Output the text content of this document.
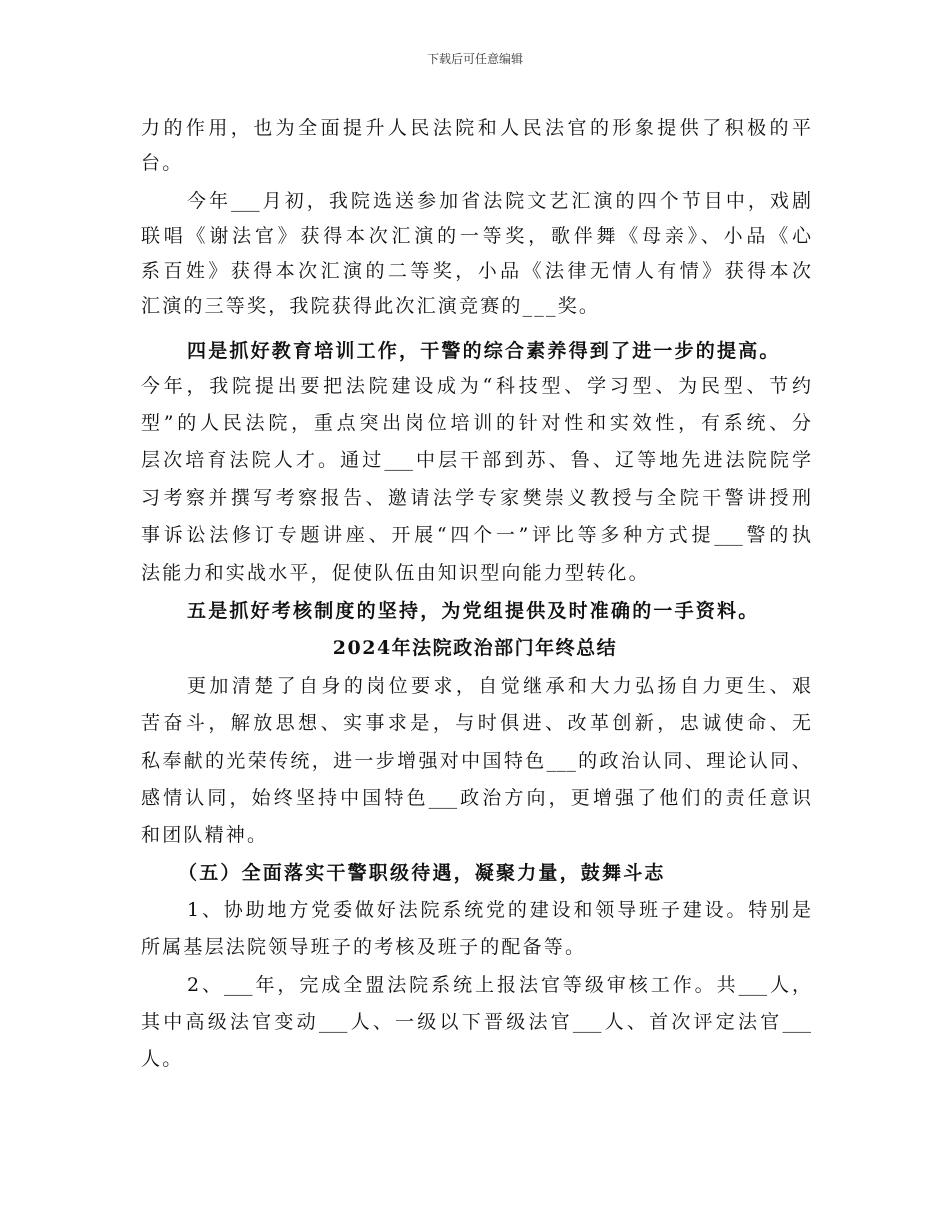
下载后可任意编辑
力的作用，也为全面提升人民法院和人民法官的形象提供了积极的平
台。
今年___月初，我院选送参加省法院文艺汇演的四个节目中，戏剧
联唱《谢法官》获得本次汇演的一等奖，歌伴舞《母亲》、小品《心
系百姓》获得本次汇演的二等奖，小品《法律无情人有情》获得本次
汇演的三等奖，我院获得此次汇演竞赛的___奖。
四是抓好教育培训工作，干警的综合素养得到了进一步的提高。
今年，我院提出要把法院建设成为“科技型、学习型、为民型、节约
型”的人民法院，重点突出岗位培训的针对性和实效性，有系统、分
层次培育法院人才。通过___中层干部到苏、鲁、辽等地先进法院院学
习考察并撰写考察报告、邀请法学专家樊崇义教授与全院干警讲授刑
事诉讼法修订专题讲座、开展“四个一”评比等多种方式提___警的执
法能力和实战水平，促使队伍由知识型向能力型转化。
五是抓好考核制度的坚持，为党组提供及时准确的一手资料。
2024年法院政治部门年终总结
更加清楚了自身的岗位要求，自觉继承和大力弘扬自力更生、艰
苦奋斗，解放思想、实事求是，与时俱进、改革创新，忠诚使命、无
私奉献的光荣传统，进一步增强对中国特色___的政治认同、理论认同、
感情认同，始终坚持中国特色___政治方向，更增强了他们的责任意识
和团队精神。
（五）全面落实干警职级待遇，凝聚力量，鼓舞斗志
1、协助地方党委做好法院系统党的建设和领导班子建设。特别是
所属基层法院领导班子的考核及班子的配备等。
2、___年，完成全盟法院系统上报法官等级审核工作。共___人，
其中高级法官变动___人、一级以下晋级法官___人、首次评定法官___
人。
